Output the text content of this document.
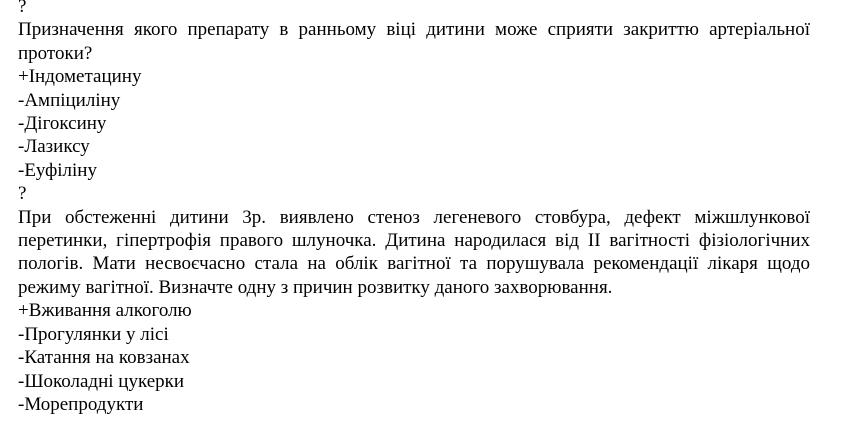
?
Призначення якого препарату в ранньому віці дитини може сприяти закриттю артеріальної протоки?
+Індометацину
-Ампіциліну
-Дігоксину
-Лазиксу
-Еуфіліну
?
При обстеженні дитини 3р. виявлено стеноз легеневого стовбура, дефект міжшлункової перетинки, гіпертрофія правого шлуночка. Дитина народилася від II вагітності фізіологічних пологів. Мати несвоєчасно стала на облік вагітної та порушувала рекомендації лікаря щодо режиму вагітної. Визначте одну з причин розвитку даного захворювання.
+Вживання алкоголю
-Прогулянки у лісі
-Катання на ковзанах
-Шоколадні цукерки
-Морепродукти
